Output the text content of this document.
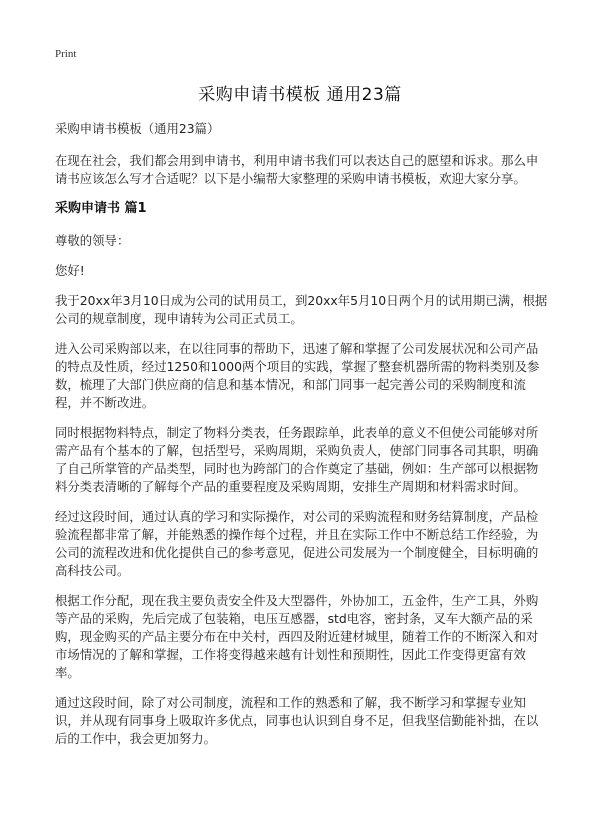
Print
采购申请书模板 通用23篇

采购申请书模板（通用23篇）

在现在社会，我们都会用到申请书，利用申请书我们可以表达自己的愿望和诉求。那么申请书应该怎么写才合适呢？以下是小编帮大家整理的采购申请书模板，欢迎大家分享。

采购申请书 篇1

尊敬的领导：

您好!

我于20xx年3月10日成为公司的试用员工，到20xx年5月10日两个月的试用期已满，根据公司的规章制度，现申请转为公司正式员工。

进入公司采购部以来，在以往同事的帮助下，迅速了解和掌握了公司发展状况和公司产品的特点及性质，经过1250和1000两个项目的实践，掌握了整套机器所需的物料类别及参数，梳理了大部门供应商的信息和基本情况，和部门同事一起完善公司的采购制度和流程，并不断改进。

同时根据物料特点，制定了物料分类表，任务跟踪单，此表单的意义不但使公司能够对所需产品有个基本的了解，包括型号，采购周期，采购负责人，使部门同事各司其职，明确了自己所掌管的产品类型，同时也为跨部门的合作奠定了基础，例如：生产部可以根据物料分类表清晰的了解每个产品的重要程度及采购周期，安排生产周期和材料需求时间。

经过这段时间，通过认真的学习和实际操作，对公司的采购流程和财务结算制度，产品检验流程都非常了解，并能熟悉的操作每个过程，并且在实际工作中不断总结工作经验，为公司的流程改进和优化提供自己的参考意见，促进公司发展为一个制度健全，目标明确的高科技公司。

根据工作分配，现在我主要负责安全件及大型器件，外协加工，五金件，生产工具，外购等产品的采购，先后完成了包装箱，电压互感器，std电容，密封条，叉车大额产品的采购，现金购买的产品主要分布在中关村，西四及附近建材城里，随着工作的不断深入和对市场情况的了解和掌握，工作将变得越来越有计划性和预期性，因此工作变得更富有效率。

通过这段时间，除了对公司制度，流程和工作的熟悉和了解，我不断学习和掌握专业知识，并从现有同事身上吸取许多优点，同事也认识到自身不足，但我坚信勤能补拙，在以后的工作中，我会更加努力。
